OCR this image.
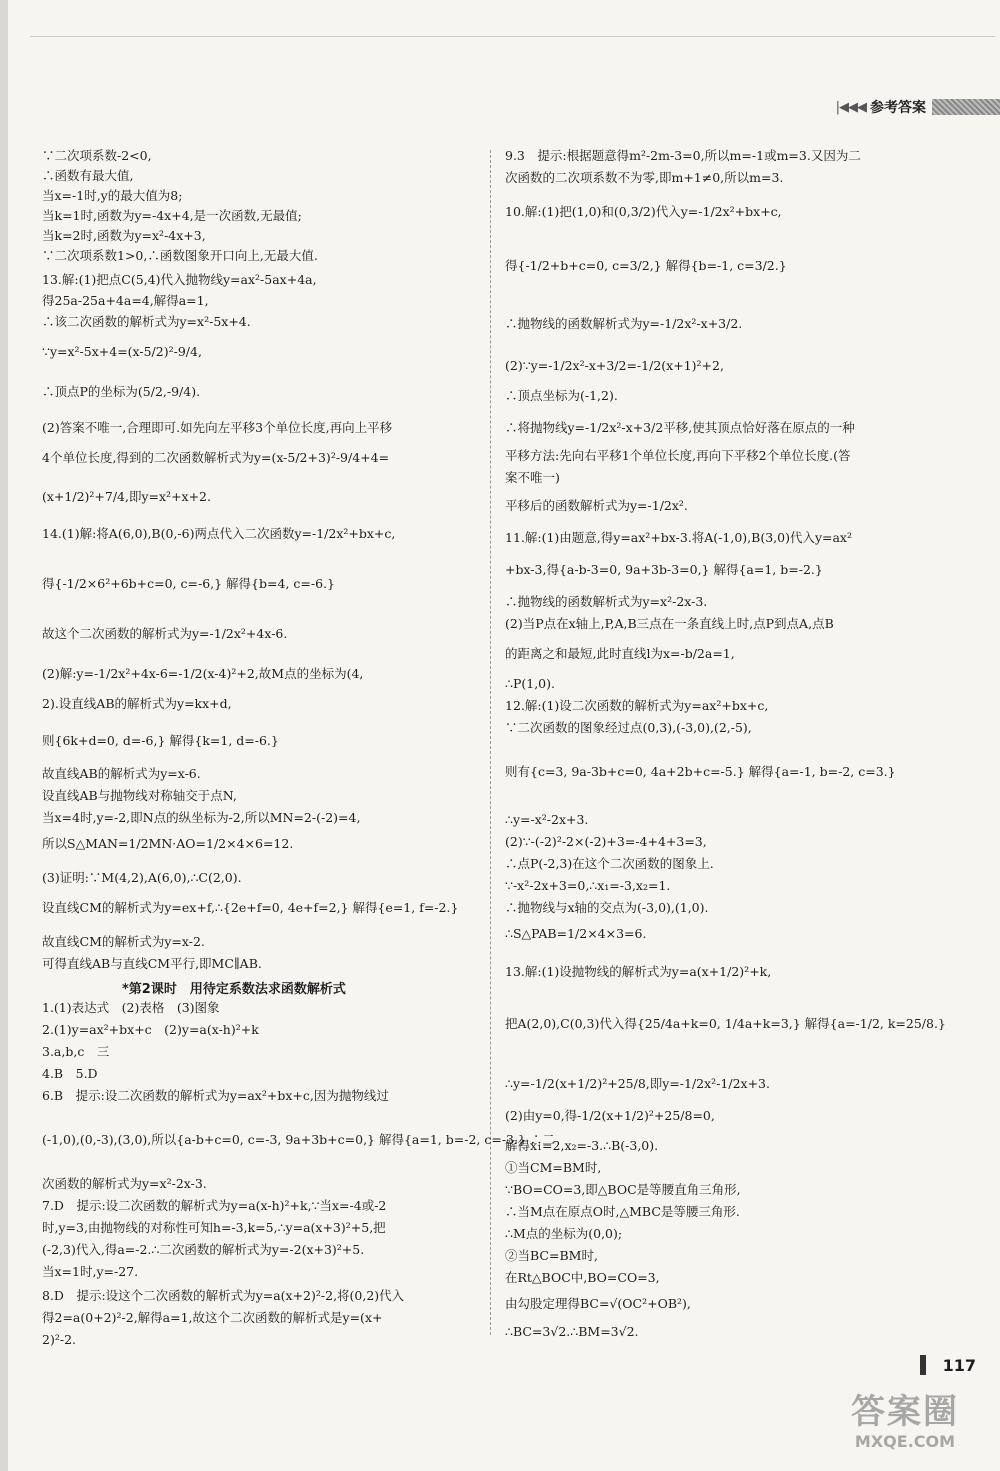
|◀◀◀ 参考答案
∵二次项系数-2<0,
∴函数有最大值,
当x=-1时,y的最大值为8;
当k=1时,函数为y=-4x+4,是一次函数,无最值;
当k=2时,函数为y=x²-4x+3,
∵二次项系数1>0,∴函数图象开口向上,无最大值.
13.解:(1)把点C(5,4)代入抛物线y=ax²-5ax+4a,
得25a-25a+4a=4,解得a=1,
∴该二次函数的解析式为y=x²-5x+4.
∵y=x²-5x+4=(x-5/2)²-9/4,
∴顶点P的坐标为(5/2,-9/4).
(2)答案不唯一,合理即可.如先向左平移3个单位长度,再向上平移
4个单位长度,得到的二次函数解析式为y=(x-5/2+3)²-9/4+4=
(x+1/2)²+7/4,即y=x²+x+2.
14.(1)解:将A(6,0),B(0,-6)两点代入二次函数y=-1/2x²+bx+c,
得{-1/2×6²+6b+c=0, c=-6,} 解得{b=4, c=-6.}
故这个二次函数的解析式为y=-1/2x²+4x-6.
(2)解:y=-1/2x²+4x-6=-1/2(x-4)²+2,故M点的坐标为(4,
2).设直线AB的解析式为y=kx+d,
则{6k+d=0, d=-6,} 解得{k=1, d=-6.}
故直线AB的解析式为y=x-6.
设直线AB与抛物线对称轴交于点N,
当x=4时,y=-2,即N点的纵坐标为-2,所以MN=2-(-2)=4,
所以S△MAN=1/2MN·AO=1/2×4×6=12.
(3)证明:∵M(4,2),A(6,0),∴C(2,0).
设直线CM的解析式为y=ex+f,∴{2e+f=0, 4e+f=2,} 解得{e=1, f=-2.}
故直线CM的解析式为y=x-2.
可得直线AB与直线CM平行,即MC∥AB.
*第2课时　用待定系数法求函数解析式
1.(1)表达式　(2)表格　(3)图象
2.(1)y=ax²+bx+c　(2)y=a(x-h)²+k
3.a,b,c　三
4.B　5.D
6.B　提示:设二次函数的解析式为y=ax²+bx+c,因为抛物线过
(-1,0),(0,-3),(3,0),所以{a-b+c=0, c=-3, 9a+3b+c=0,} 解得{a=1, b=-2, c=-3.} ∴二
次函数的解析式为y=x²-2x-3.
7.D　提示:设二次函数的解析式为y=a(x-h)²+k,∵当x=-4或-2
时,y=3,由抛物线的对称性可知h=-3,k=5,∴y=a(x+3)²+5,把
(-2,3)代入,得a=-2.∴二次函数的解析式为y=-2(x+3)²+5.
当x=1时,y=-27.
8.D　提示:设这个二次函数的解析式为y=a(x+2)²-2,将(0,2)代入
得2=a(0+2)²-2,解得a=1,故这个二次函数的解析式是y=(x+
2)²-2.
9.3　提示:根据题意得m²-2m-3=0,所以m=-1或m=3.又因为二
次函数的二次项系数不为零,即m+1≠0,所以m=3.
10.解:(1)把(1,0)和(0,3/2)代入y=-1/2x²+bx+c,
得{-1/2+b+c=0, c=3/2,} 解得{b=-1, c=3/2.}
∴抛物线的函数解析式为y=-1/2x²-x+3/2.
(2)∵y=-1/2x²-x+3/2=-1/2(x+1)²+2,
∴顶点坐标为(-1,2).
∴将抛物线y=-1/2x²-x+3/2平移,使其顶点恰好落在原点的一种
平移方法:先向右平移1个单位长度,再向下平移2个单位长度.(答
案不唯一)
平移后的函数解析式为y=-1/2x².
11.解:(1)由题意,得y=ax²+bx-3.将A(-1,0),B(3,0)代入y=ax²
+bx-3,得{a-b-3=0, 9a+3b-3=0,} 解得{a=1, b=-2.}
∴抛物线的函数解析式为y=x²-2x-3.
(2)当P点在x轴上,P,A,B三点在一条直线上时,点P到点A,点B
的距离之和最短,此时直线l为x=-b/2a=1,
∴P(1,0).
12.解:(1)设二次函数的解析式为y=ax²+bx+c,
∵二次函数的图象经过点(0,3),(-3,0),(2,-5),
则有{c=3, 9a-3b+c=0, 4a+2b+c=-5.} 解得{a=-1, b=-2, c=3.}
∴y=-x²-2x+3.
(2)∵-(-2)²-2×(-2)+3=-4+4+3=3,
∴点P(-2,3)在这个二次函数的图象上.
∵-x²-2x+3=0,∴x₁=-3,x₂=1.
∴抛物线与x轴的交点为(-3,0),(1,0).
∴S△PAB=1/2×4×3=6.
13.解:(1)设抛物线的解析式为y=a(x+1/2)²+k,
把A(2,0),C(0,3)代入得{25/4a+k=0, 1/4a+k=3,} 解得{a=-1/2, k=25/8.}
∴y=-1/2(x+1/2)²+25/8,即y=-1/2x²-1/2x+3.
(2)由y=0,得-1/2(x+1/2)²+25/8=0,
解得x₁=2,x₂=-3.∴B(-3,0).
①当CM=BM时,
∵BO=CO=3,即△BOC是等腰直角三角形,
∴当M点在原点O时,△MBC是等腰三角形.
∴M点的坐标为(0,0);
②当BC=BM时,
在Rt△BOC中,BO=CO=3,
由勾股定理得BC=√(OC²+OB²),
∴BC=3√2.∴BM=3√2.
117
答案圈
MXQE.COM
